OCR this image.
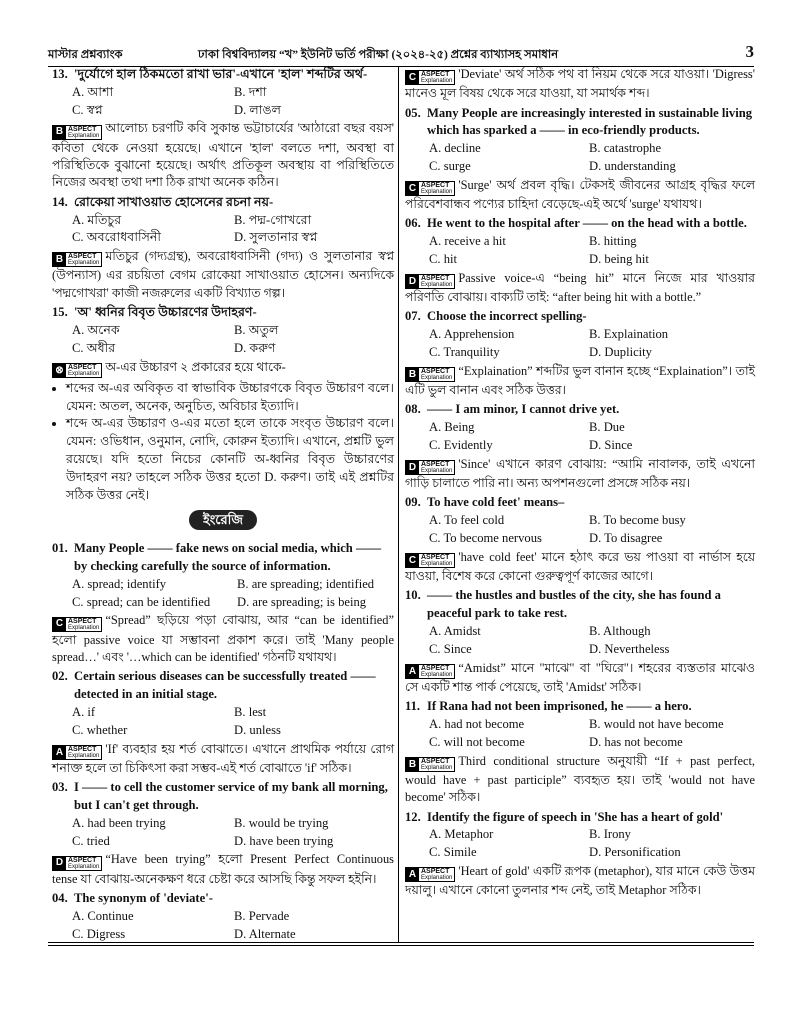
মাস্টার প্রশ্নব্যাংক	ঢাকা বিশ্ববিদ্যালয় “খ” ইউনিট ভর্তি পরীক্ষা (২০২৪-২৫) প্রশ্নের ব্যাখ্যাসহ সমাধান	3

13. 'দুর্যোগে হাল ঠিকমতো রাখা ভার'-এখানে 'হাল' শব্দটির অর্থ-

A. আশা	B. দশা
C. স্বপ্ন	D. লাঙল

B ASPECT
Explanation
আলোচ্য চরণটি কবি সুকান্ত ভট্টাচার্যের 'আঠারো বছর বয়স' কবিতা থেকে নেওয়া হয়েছে। এখানে 'হাল' বলতে দশা, অবস্থা বা পরিস্থিতিকে বুঝানো হয়েছে। অর্থাৎ প্রতিকূল অবস্থায় বা পরিস্থিতিতে নিজের অবস্থা তথা দশা ঠিক রাখা অনেক কঠিন।

14. রোকেয়া সাখাওয়াত হোসেনের রচনা নয়-

A. মতিচুর	B. পদ্ম-গোখরো
C. অবরোধবাসিনী	D. সুলতানার স্বপ্ন

B ASPECT
Explanation
মতিচুর (গদ্যগ্রন্থ), অবরোধবাসিনী (গদ্য) ও সুলতানার স্বপ্ন (উপন্যাস) এর রচয়িতা বেগম রোকেয়া সাখাওয়াত হোসেন। অন্যদিকে 'পদ্মগোখরা' কাজী নজরুলের একটি বিখ্যাত গল্প।

15. 'অ' ধ্বনির বিবৃত উচ্চারণের উদাহরণ-

A. অনেক	B. অতুল
C. অধীর	D. করুণ

⊗ ASPECT
Explanation
অ-এর উচ্চারণ ২ প্রকারের হয়ে থাকে-

• শব্দের অ-এর অবিকৃত বা স্বাভাবিক উচ্চারণকে বিবৃত উচ্চারণ বলে। যেমন: অতল, অনেক, অনুচিত, অবিচার ইত্যাদি।
• শব্দে অ-এর উচ্চারণ ও-এর মতো হলে তাকে সংবৃত উচ্চারণ বলে। যেমন: ওভিধান, ওনুমান, নোদি, কোরুন ইত্যাদি। এখানে, প্রশ্নটি ভুল রয়েছে। যদি হতো নিচের কোনটি অ-ধ্বনির বিবৃত উচ্চারণের উদাহরণ নয়? তাহলে সঠিক উত্তর হতো D. করুণ। তাই এই প্রশ্নটির সঠিক উত্তর নেই।
ইংরেজি

01. Many People —— fake news on social media, which —— by checking carefully the source of information.

A. spread; identify	B. are spreading; identified
C. spread; can be identified	D. are spreading; is being

C ASPECT
Explanation
“Spread” ছড়িয়ে পড়া বোঝায়, আর “can be identified” হলো passive voice যা সম্ভাবনা প্রকাশ করে। তাই 'Many people spread…' এবং '…which can be identified' গঠনটি যথাযথ।

02. Certain serious diseases can be successfully treated —— detected in an initial stage.

A. if	B. lest
C. whether	D. unless

A ASPECT
Explanation
'If' ব্যবহার হয় শর্ত বোঝাতে। এখানে প্রাথমিক পর্যায়ে রোগ শনাক্ত হলে তা চিকিৎসা করা সম্ভব-এই শর্ত বোঝাতে 'if' সঠিক।

03. I —— to cell the customer service of my bank all morning, but I can't get through.

A. had been trying	B. would be trying
C. tried	D. have been trying

D ASPECT
Explanation
“Have been trying” হলো Present Perfect Continuous tense যা বোঝায়-অনেকক্ষণ ধরে চেষ্টা করে আসছি কিন্তু সফল হইনি।

04. The synonym of 'deviate'-

A. Continue	B. Pervade
C. Digress	D. Alternate

C ASPECT
Explanation
'Deviate' অর্থ সঠিক পথ বা নিয়ম থেকে সরে যাওয়া। 'Digress' মানেও মূল বিষয় থেকে সরে যাওয়া, যা সমার্থক শব্দ।

05. Many People are increasingly interested in sustainable living which has sparked a —— in eco-friendly products.

A. decline	B. catastrophe
C. surge	D. understanding

C ASPECT
Explanation
'Surge' অর্থ প্রবল বৃদ্ধি। টেকসই জীবনের আগ্রহ বৃদ্ধির ফলে পরিবেশবান্ধব পণ্যের চাহিদা বেড়েছে-এই অর্থে 'surge' যথাযথ।

06. He went to the hospital after —— on the head with a bottle.

A. receive a hit	B. hitting
C. hit	D. being hit

D ASPECT
Explanation
Passive voice-এ “being hit” মানে নিজে মার খাওয়ার পরিণতি বোঝায়। বাক্যটি তাই: “after being hit with a bottle.”

07. Choose the incorrect spelling-

A. Apprehension	B. Explaination
C. Tranquility	D. Duplicity

B ASPECT
Explanation
“Explaination” শব্দটির ভুল বানান হচ্ছে “Explaination”। তাই এটি ভুল বানান এবং সঠিক উত্তর।

08. —— I am minor, I cannot drive yet.

A. Being	B. Due
C. Evidently	D. Since

D ASPECT
Explanation
'Since' এখানে কারণ বোঝায়: “আমি নাবালক, তাই এখনো গাড়ি চালাতে পারি না। অন্য অপশনগুলো প্রসঙ্গে সঠিক নয়।

09. To have cold feet' means–

A. To feel cold	B. To become busy
C. To become nervous	D. To disagree

C ASPECT
Explanation
'have cold feet' মানে হঠাৎ করে ভয় পাওয়া বা নার্ভাস হয়ে যাওয়া, বিশেষ করে কোনো গুরুত্বপূর্ণ কাজের আগে।

10. —— the hustles and bustles of the city, she has found a peaceful park to take rest.

A. Amidst	B. Although
C. Since	D. Nevertheless

A ASPECT
Explanation
“Amidst” মানে "মাঝে" বা "ঘিরে"। শহরের ব্যস্ততার মাঝেও সে একটি শান্ত পার্ক পেয়েছে, তাই 'Amidst' সঠিক।

11. If Rana had not been imprisoned, he —— a hero.

A. had not become	B. would not have become
C. will not become	D. has not become

B ASPECT
Explanation
Third conditional structure অনুযায়ী “If + past perfect, would have + past participle” ব্যবহৃত হয়। তাই 'would not have become' সঠিক।

12. Identify the figure of speech in 'She has a heart of gold'

A. Metaphor	B. Irony
C. Simile	D. Personification

A ASPECT
Explanation
'Heart of gold' একটি রূপক (metaphor), যার মানে কেউ উত্তম দয়ালু। এখানে কোনো তুলনার শব্দ নেই, তাই Metaphor সঠিক।
